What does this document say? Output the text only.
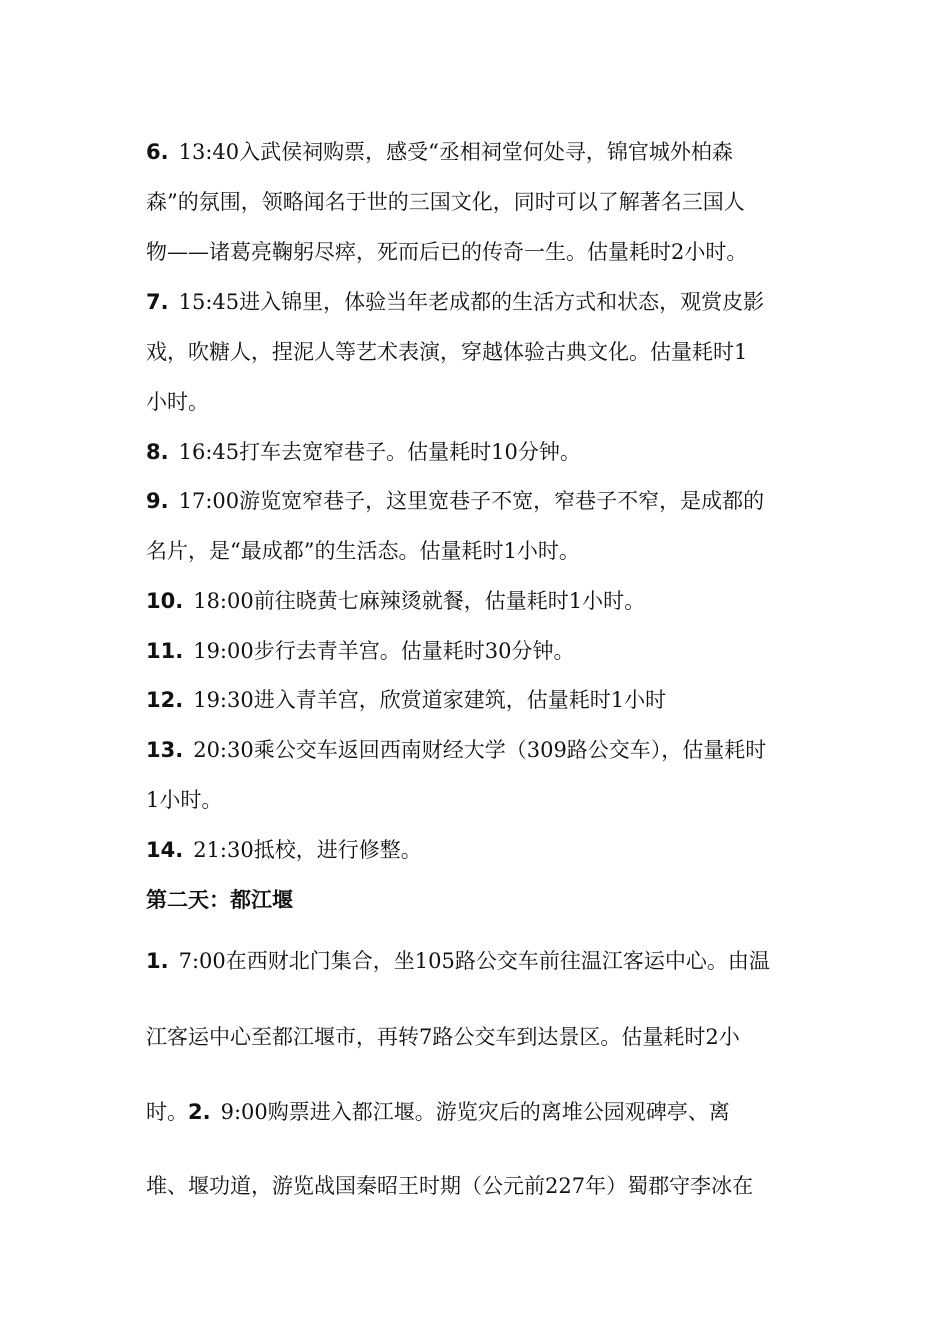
6. 13:40入武侯祠购票，感受“丞相祠堂何处寻，锦官城外柏森
森”的氛围，领略闻名于世的三国文化，同时可以了解著名三国人
物——诸葛亮鞠躬尽瘁，死而后已的传奇一生。估量耗时2小时。
7. 15:45进入锦里，体验当年老成都的生活方式和状态，观赏皮影
戏，吹糖人，捏泥人等艺术表演，穿越体验古典文化。估量耗时1
小时。
8. 16:45打车去宽窄巷子。估量耗时10分钟。
9. 17:00游览宽窄巷子，这里宽巷子不宽，窄巷子不窄，是成都的
名片，是“最成都”的生活态。估量耗时1小时。
10. 18:00前往晓黄七麻辣烫就餐，估量耗时1小时。
11. 19:00步行去青羊宫。估量耗时30分钟。
12. 19:30进入青羊宫，欣赏道家建筑，估量耗时1小时
13. 20:30乘公交车返回西南财经大学（309路公交车），估量耗时
1小时。
14. 21:30抵校，进行修整。
第二天：都江堰
1. 7:00在西财北门集合，坐105路公交车前往温江客运中心。由温
江客运中心至都江堰市，再转7路公交车到达景区。估量耗时2小
时。2. 9:00购票进入都江堰。游览灾后的离堆公园观碑亭、离
堆、堰功道，游览战国秦昭王时期（公元前227年）蜀郡守李冰在
